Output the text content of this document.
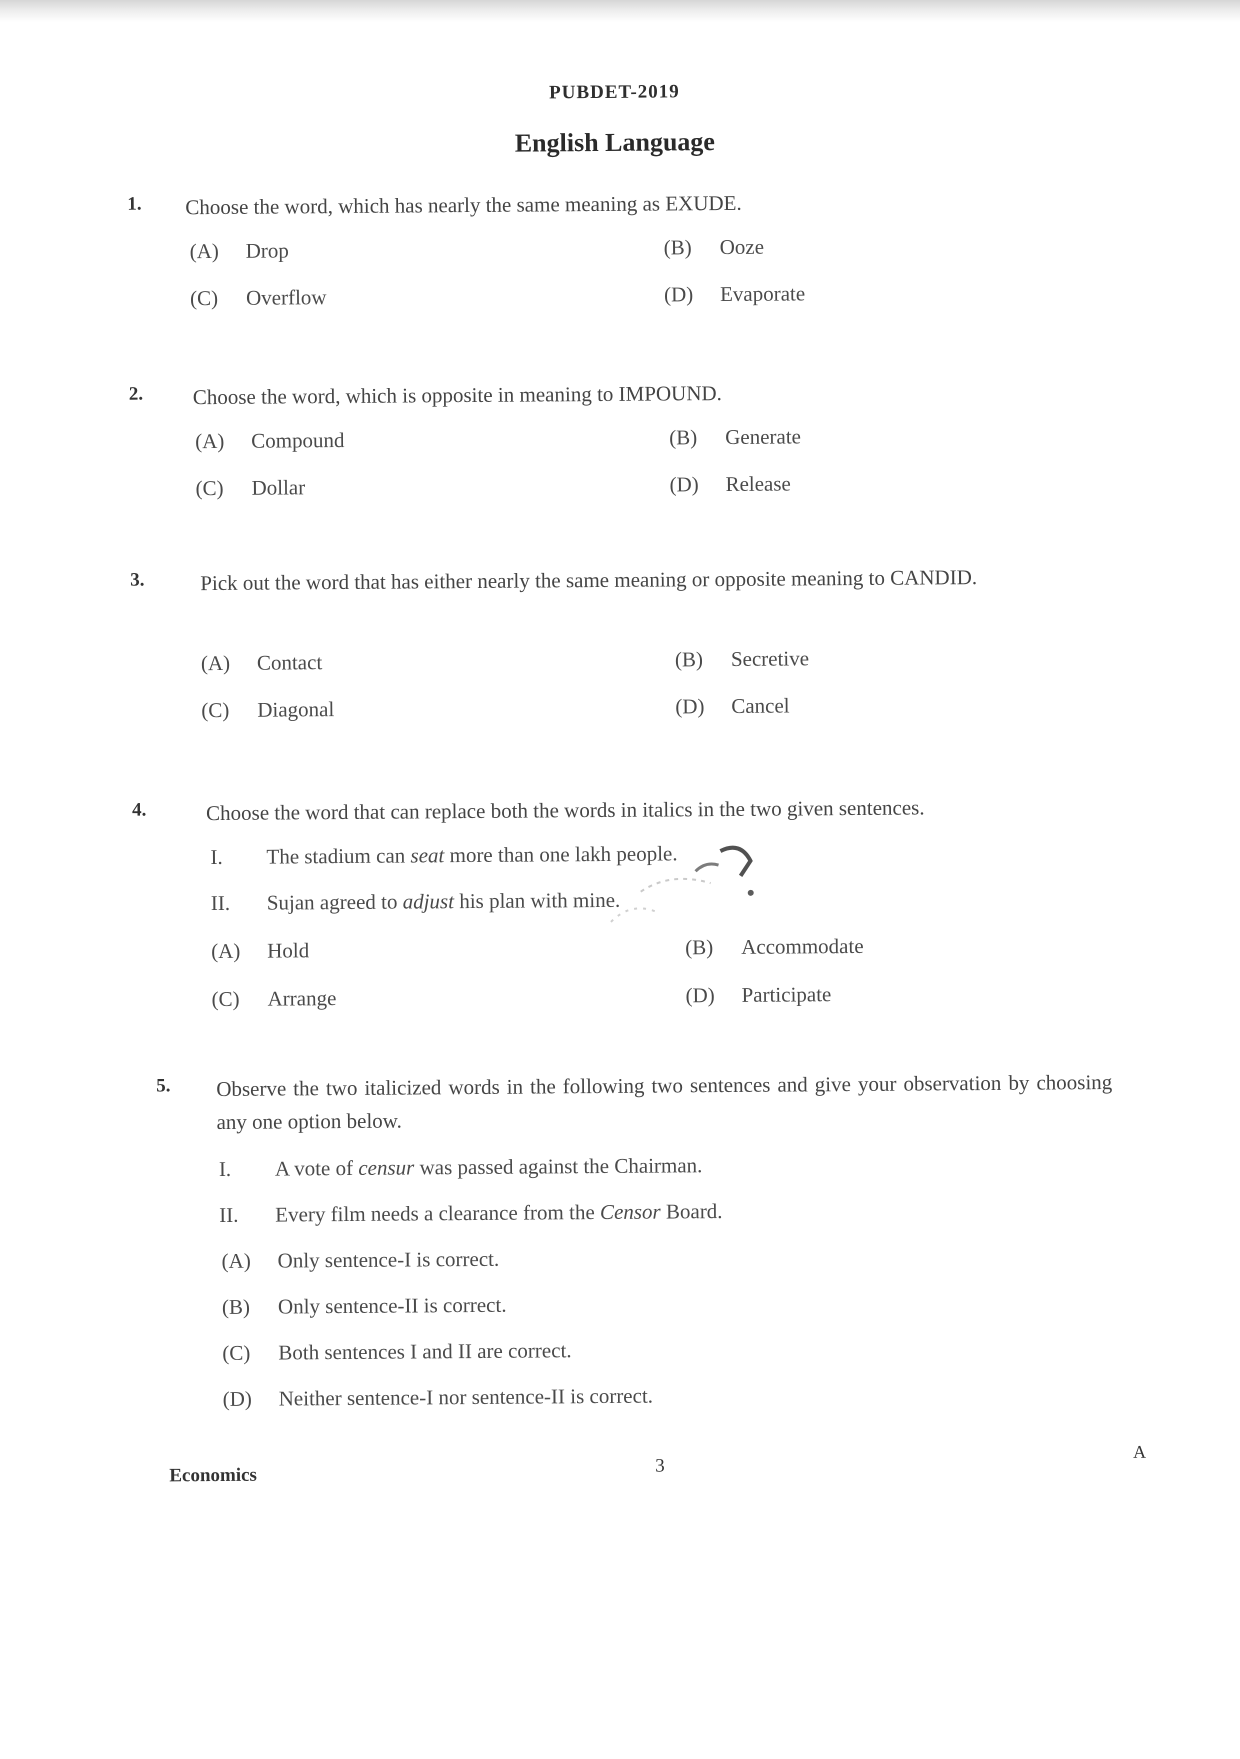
PUBDET-2019
English Language
1. Choose the word, which has nearly the same meaning as EXUDE.
(A) Drop	(B) Ooze
(C) Overflow	(D) Evaporate
2. Choose the word, which is opposite in meaning to IMPOUND.
(A) Compound	(B) Generate
(C) Dollar	(D) Release
3.	Pick out the word that has either nearly the same meaning or opposite meaning to CANDID.
(A) Contact	(B) Secretive
(C) Diagonal	(D) Cancel
4.	Choose the word that can replace both the words in italics in the two given sentences.
I. The stadium can seat more than one lakh people.
II. Sujan agreed to adjust his plan with mine.
(A) Hold	(B) Accommodate
(C) Arrange	(D) Participate
5. Observe the two italicized words in the following two sentences and give your observation by choosing any one option below.
I. A vote of censur was passed against the Chairman.
II. Every film needs a clearance from the Censor Board.
(A) Only sentence-I is correct.
(B) Only sentence-II is correct.
(C) Both sentences I and II are correct.
(D) Neither sentence-I nor sentence-II is correct.
Economics	3
A
